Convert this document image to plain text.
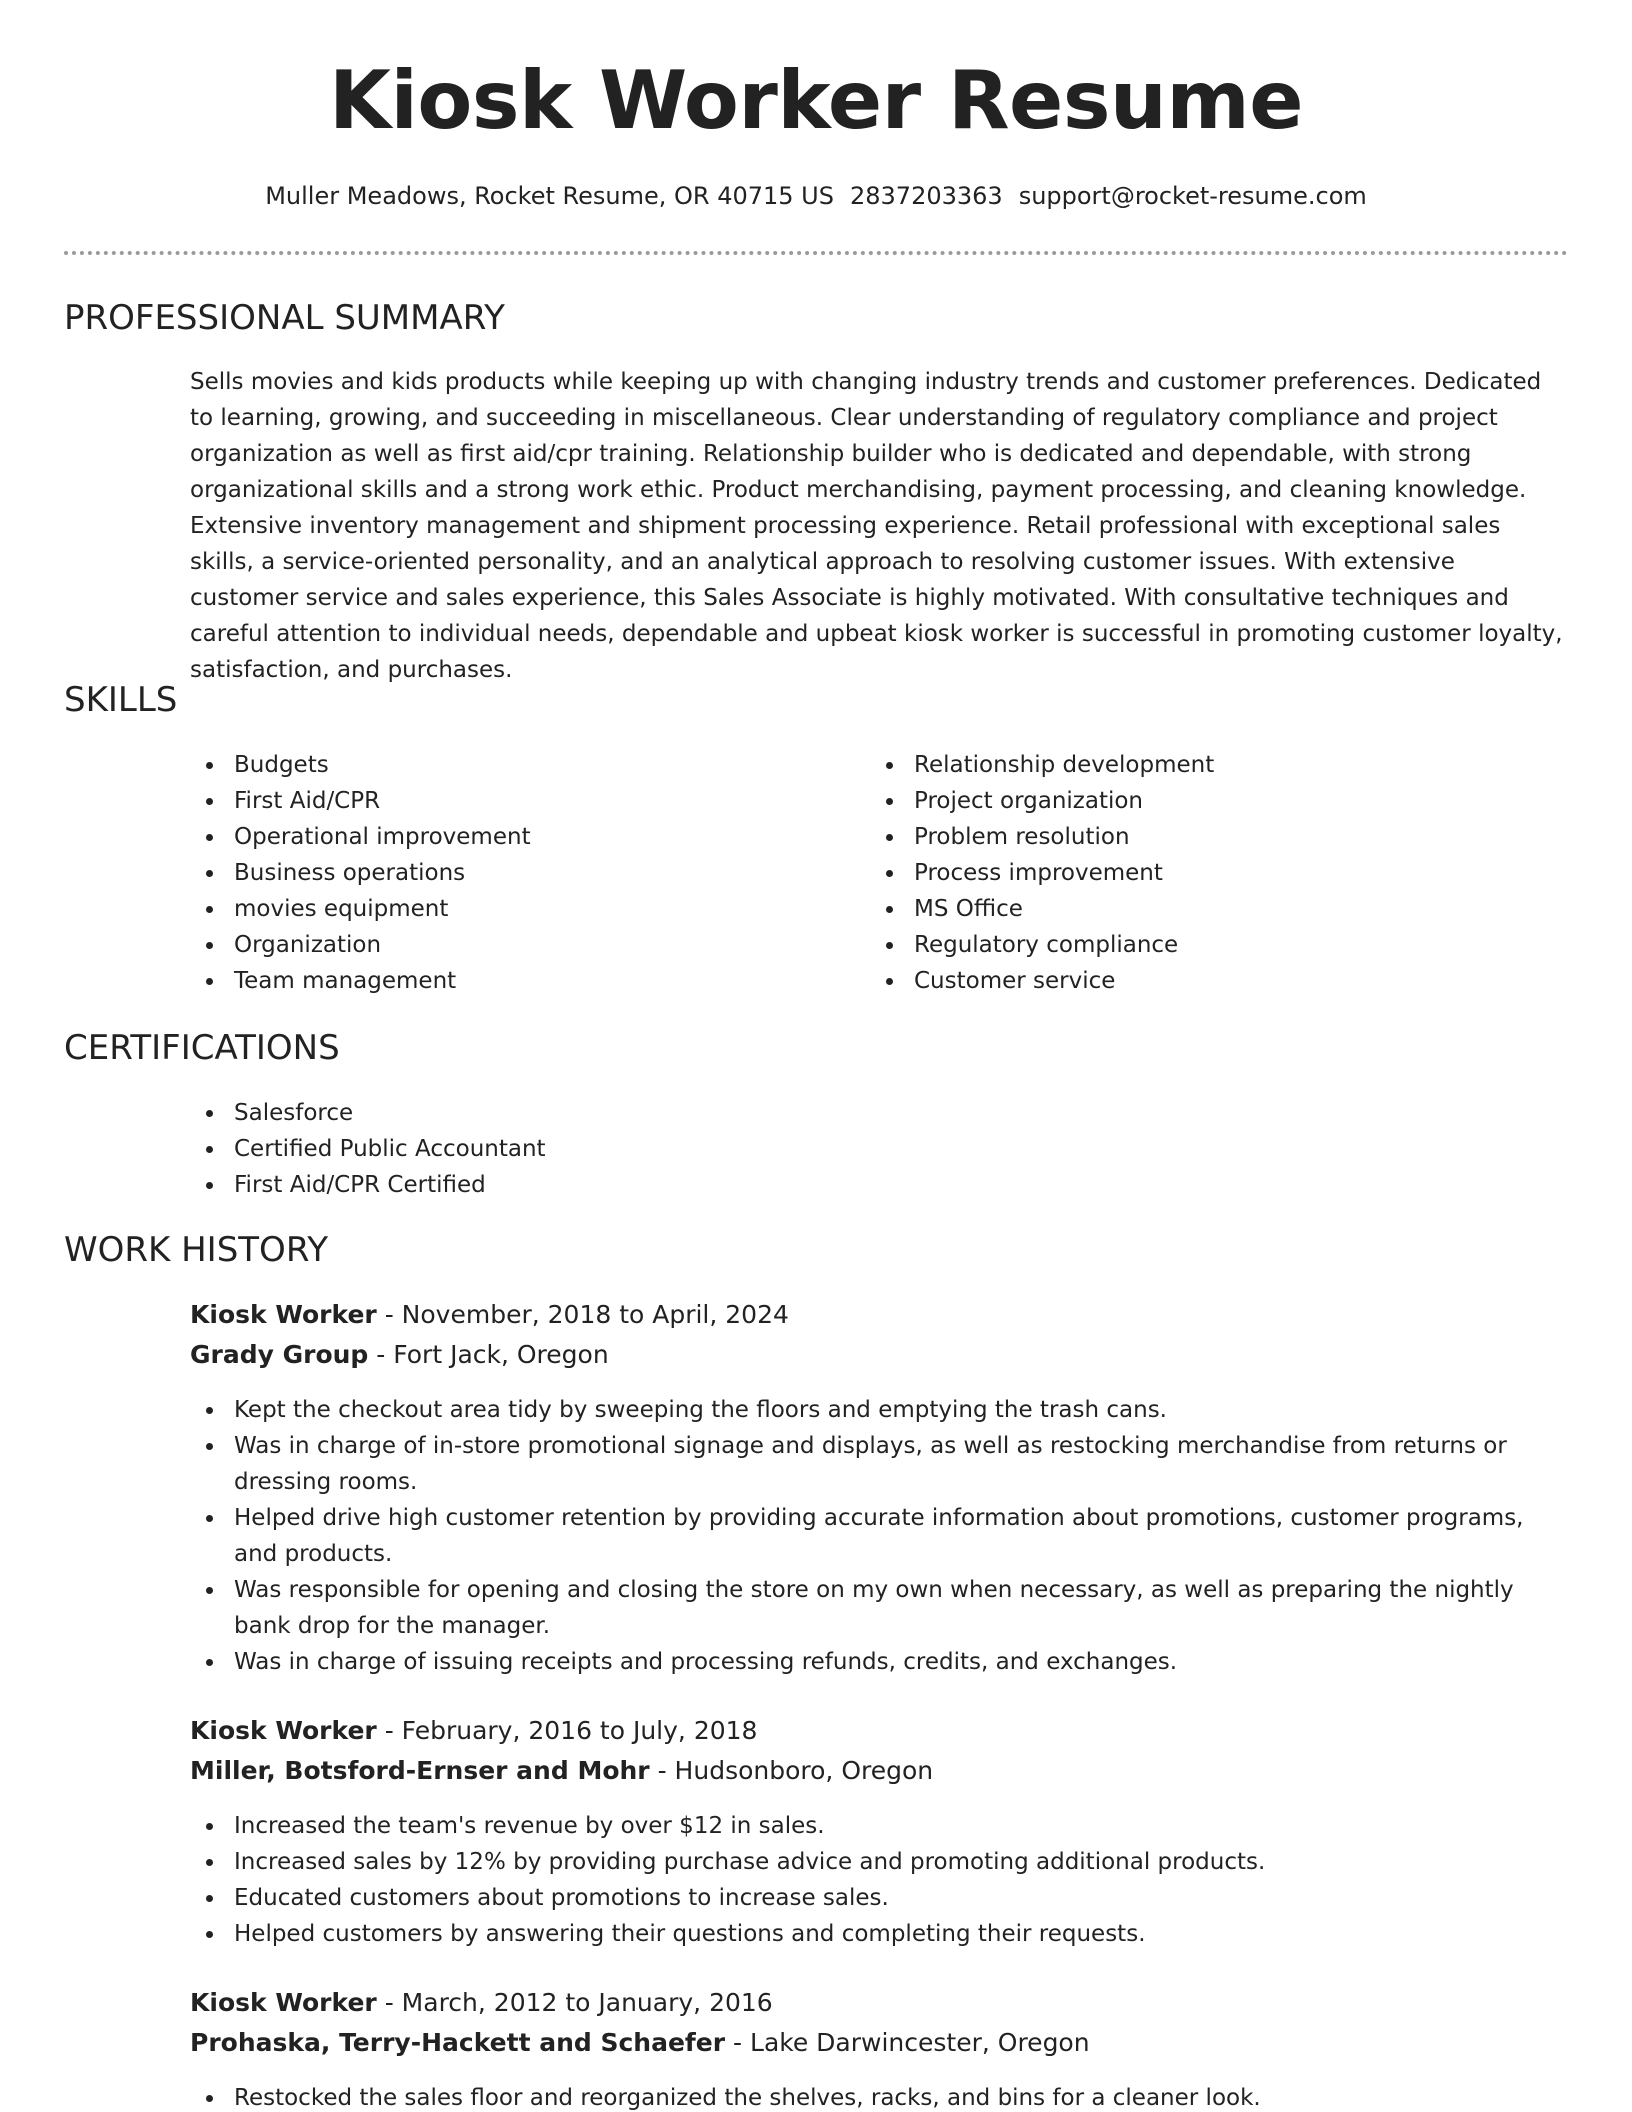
Kiosk Worker Resume
Muller Meadows, Rocket Resume, OR 40715 US 2837203363 support@rocket-resume.com
PROFESSIONAL SUMMARY

Sells movies and kids products while keeping up with changing industry trends and customer preferences. Dedicated to learning, growing, and succeeding in miscellaneous. Clear understanding of regulatory compliance and project organization as well as first aid/cpr training. Relationship builder who is dedicated and dependable, with strong organizational skills and a strong work ethic. Product merchandising, payment processing, and cleaning knowledge. Extensive inventory management and shipment processing experience. Retail professional with exceptional sales skills, a service-oriented personality, and an analytical approach to resolving customer issues. With extensive customer service and sales experience, this Sales Associate is highly motivated. With consultative techniques and careful attention to individual needs, dependable and upbeat kiosk worker is successful in promoting customer loyalty, satisfaction, and purchases.

SKILLS
Budgets
First Aid/CPR
Operational improvement
Business operations
movies equipment
Organization
Team management
Relationship development
Project organization
Problem resolution
Process improvement
MS Office
Regulatory compliance
Customer service
CERTIFICATIONS
Salesforce
Certified Public Accountant
First Aid/CPR Certified
WORK HISTORY
Kiosk Worker - November, 2018 to April, 2024
Grady Group - Fort Jack, Oregon
Kept the checkout area tidy by sweeping the floors and emptying the trash cans.
Was in charge of in-store promotional signage and displays, as well as restocking merchandise from returns or dressing rooms.
Helped drive high customer retention by providing accurate information about promotions, customer programs, and products.
Was responsible for opening and closing the store on my own when necessary, as well as preparing the nightly bank drop for the manager.
Was in charge of issuing receipts and processing refunds, credits, and exchanges.
Kiosk Worker - February, 2016 to July, 2018
Miller, Botsford-Ernser and Mohr - Hudsonboro, Oregon
Increased the team's revenue by over $12 in sales.
Increased sales by 12% by providing purchase advice and promoting additional products.
Educated customers about promotions to increase sales.
Helped customers by answering their questions and completing their requests.
Kiosk Worker - March, 2012 to January, 2016
Prohaska, Terry-Hackett and Schaefer - Lake Darwincester, Oregon
Restocked the sales floor and reorganized the shelves, racks, and bins for a cleaner look.
